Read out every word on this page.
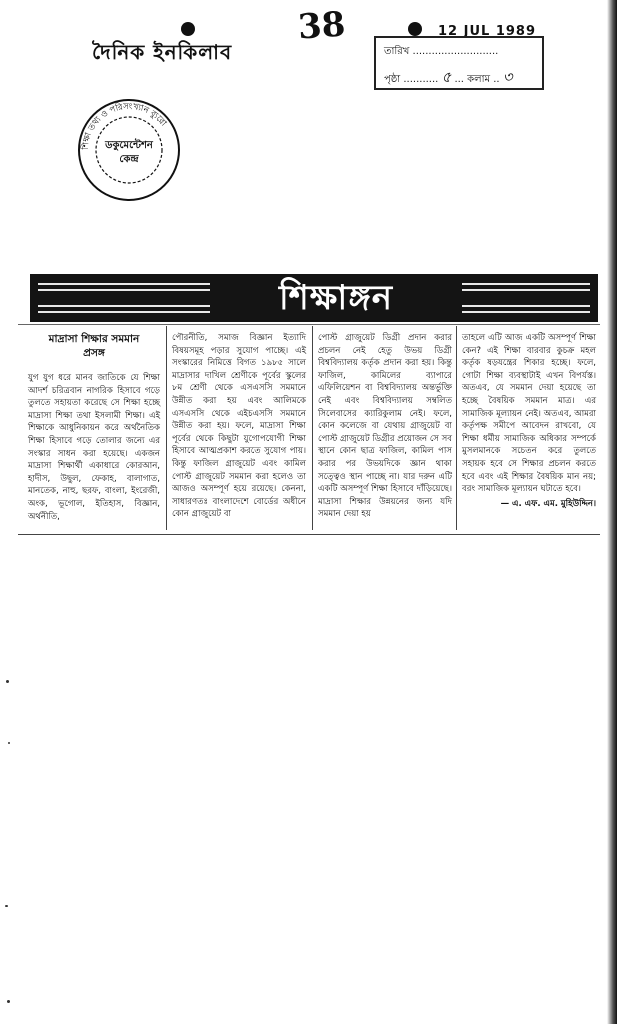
দৈনিক ইনকিলাব
38	12 JUL 1989
তারিখ ...........................
পৃষ্ঠা ........... ৫ ... কলাম .. ৩
শিক্ষা তথ্য ও পরিসংখ্যান ব্যুরো
ডকুমেন্টেশন
কেন্দ্র
শিক্ষাঙ্গন

মাদ্রাসা শিক্ষার সমমান
প্রসঙ্গ

যুগ যুগ ধরে মানব জাতিকে যে শিক্ষা আদর্শ চরিত্রবান নাগরিক হিসাবে গড়ে তুলতে সহায়তা করেছে সে শিক্ষা হচ্ছে মাদ্রাসা শিক্ষা তথা ইসলামী শিক্ষা। এই শিক্ষাকে আধুনিকায়ন করে অর্থনৈতিক শিক্ষা হিসাবে গড়ে তোলার জন্যে এর সংস্কার সাধন করা হয়েছে। একজন মাদ্রাসা শিক্ষার্থী একাধারে কোরআন, হাদীস, উছুল, ফেকাহ, বালাগাত, মানতেক, নাহু, ছরফ, বাংলা, ইংরেজী, অংক, ভূগোল, ইতিহাস, বিজ্ঞান, অর্থনীতি,

পৌরনীতি, সমাজ বিজ্ঞান ইত্যাদি বিষয়সমূহ পড়ার সুযোগ পাচ্ছে। এই সংস্কারের নিমিত্তে বিগত ১৯৮৫ সালে মাদ্রাসার দাখিল শ্রেণীকে পূর্বের স্কুলের ৮ম শ্রেণী থেকে এসএসসি সমমানে উন্নীত করা হয় এবং আলিমকে এসএসসি থেকে এইচএসসি সমমানে উন্নীত করা হয়। ফলে, মাদ্রাসা শিক্ষা পূর্বের থেকে কিছুটা যুগোপযোগী শিক্ষা হিসাবে আত্মপ্রকাশ করতে সুযোগ পায়। কিন্তু ফাজিল গ্রাজুয়েট এবং কামিল পোস্ট গ্রাজুয়েট সমমান করা হলেও তা আজও অসম্পূর্ণ হয়ে রয়েছে। কেননা, সাধারণতঃ বাংলাদেশে বোর্ডের অধীনে কোন গ্রাজুয়েট বা

পোস্ট গ্রাজুয়েট ডিগ্রী প্রদান করার প্রচলন নেই হেতু উভয় ডিগ্রী বিশ্ববিদ্যালয় কর্তৃক প্রদান করা হয়। কিন্তু ফাজিল, কামিলের ব্যাপারে এফিলিয়েশন বা বিশ্ববিদ্যালয় অন্তর্ভুক্তি নেই এবং বিশ্ববিদ্যালয় সম্বলিত সিলেবাসের ক্যারিকুলাম নেই। ফলে, কোন কলেজে বা যেথায় গ্রাজুয়েট বা পোস্ট গ্রাজুয়েট ডিগ্রীর প্রয়োজন সে সব স্থানে কোন ছাত্র ফাজিল, কামিল পাস করার পর উভয়দিকে জ্ঞান থাকা সত্ত্বেও স্থান পাচ্ছে না। যার দরুন এটি একটি অসম্পূর্ণ শিক্ষা হিসাবে দাঁড়িয়েছে। মাদ্রাসা শিক্ষার উন্নয়নের জন্য যদি সমমান দেয়া হয়

তাহলে এটি আজ একটি অসম্পূর্ণ শিক্ষা কেন? এই শিক্ষা বারবার কুচক্র মহল কর্তৃক ষড়যন্ত্রের শিকার হচ্ছে। ফলে, গোটা শিক্ষা ব্যবস্থাটাই এখন বিপর্যস্ত। অতএব, যে সমমান দেয়া হয়েছে তা হচ্ছে বৈষয়িক সমমান মাত্র। এর সামাজিক মূল্যায়ন নেই। অতএব, আমরা কর্তৃপক্ষ সমীপে আবেদন রাখবো, যে শিক্ষা ধর্মীয় সামাজিক অধিকার সম্পর্কে মুসলমানকে সচেতন করে তুলতে সহায়ক হবে সে শিক্ষার প্রচলন করতে হবে এবং এই শিক্ষার বৈষয়িক মান নয়; বরং সামাজিক মূল্যায়ন ঘটাতে হবে।

— এ. এফ. এম. মুহিউদ্দিন।
